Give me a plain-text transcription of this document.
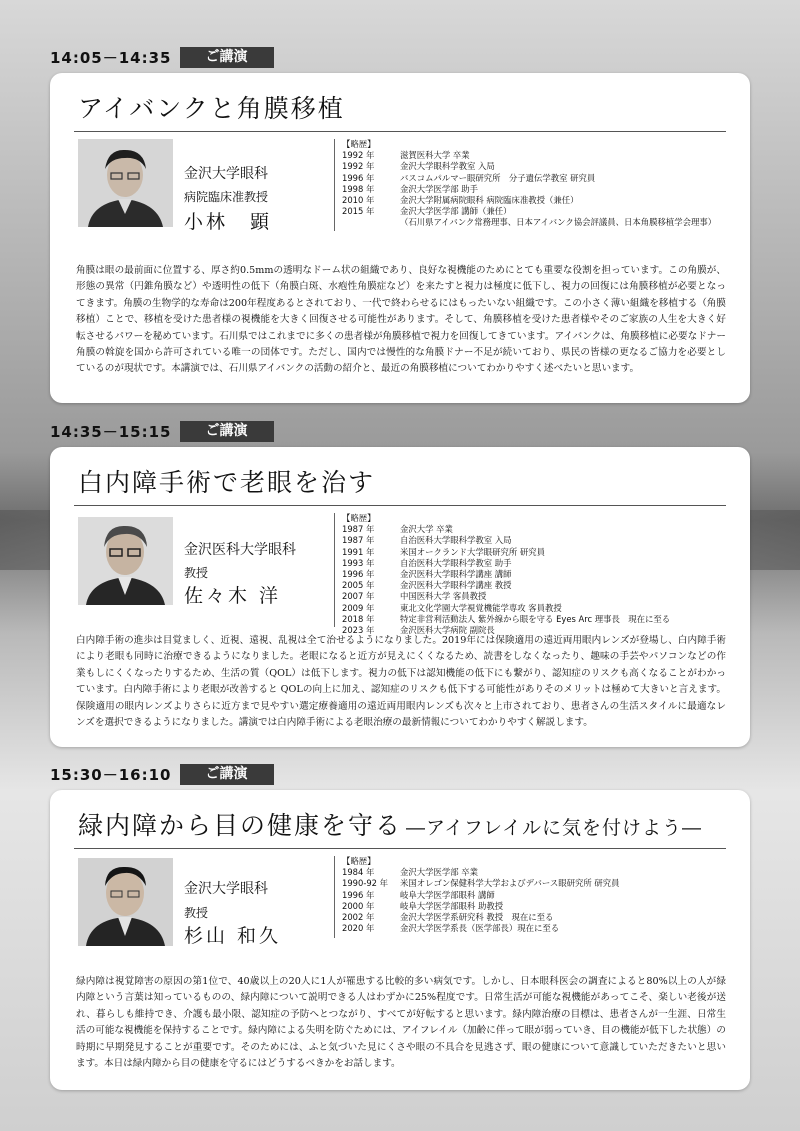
14:05－14:35	ご講演
アイバンクと角膜移植
金沢大学眼科
病院臨床准教授
小林　顕
【略歴】
1992 年	滋賀医科大学 卒業
1992 年	金沢大学眼科学教室 入局
1996 年	バスコムパルマー眼研究所　分子遺伝学教室 研究員
1998 年	金沢大学医学部 助手
2010 年	金沢大学附属病院眼科 病院臨床准教授（兼任）
2015 年	金沢大学医学部 講師（兼任）
（石川県アイバンク常務理事、日本アイバンク協会評議員、日本角膜移植学会理事）
角膜は眼の最前面に位置する、厚さ約0.5mmの透明なドーム状の組織であり、良好な視機能のためにとても重要な役割を担っています。この角膜が、形態の異常（円錐角膜など）や透明性の低下（角膜白斑、水疱性角膜症など）を来たすと視力は極度に低下し、視力の回復には角膜移植が必要となってきます。角膜の生物学的な寿命は200年程度あるとされており、一代で終わらせるにはもったいない組織です。この小さく薄い組織を移植する（角膜移植）ことで、移植を受けた患者様の視機能を大きく回復させる可能性があります。そして、角膜移植を受けた患者様やそのご家族の人生を大きく好転させるパワーを秘めています。石川県ではこれまでに多くの患者様が角膜移植で視力を回復してきています。アイバンクは、角膜移植に必要なドナー角膜の斡旋を国から許可されている唯一の団体です。ただし、国内では慢性的な角膜ドナー不足が続いており、県民の皆様の更なるご協力を必要としているのが現状です。本講演では、石川県アイバンクの活動の紹介と、最近の角膜移植についてわかりやすく述べたいと思います。
14:35－15:15	ご講演
白内障手術で老眼を治す
金沢医科大学眼科
教授
佐々木 洋
【略歴】
1987 年	金沢大学 卒業
1987 年	自治医科大学眼科学教室 入局
1991 年	米国オークランド大学眼研究所 研究員
1993 年	自治医科大学眼科学教室 助手
1996 年	金沢医科大学眼科学講座 講師
2005 年	金沢医科大学眼科学講座 教授
2007 年	中国医科大学 客員教授
2009 年	東北文化学園大学視覚機能学専攻 客員教授
2018 年	特定非営利活動法人 紫外線から眼を守る Eyes Arc 理事長　現在に至る
2023 年	金沢医科大学病院 副院長
白内障手術の進歩は目覚ましく、近視、遠視、乱視は全て治せるようになりました。2019年には保険適用の遠近両用眼内レンズが登場し、白内障手術により老眼も同時に治療できるようになりました。老眼になると近方が見えにくくなるため、読書をしなくなったり、趣味の手芸やパソコンなどの作業もしにくくなったりするため、生活の質（QOL）は低下します。視力の低下は認知機能の低下にも繋がり、認知症のリスクも高くなることがわかっています。白内障手術により老眼が改善すると QOLの向上に加え、認知症のリスクも低下する可能性がありそのメリットは極めて大きいと言えます。保険適用の眼内レンズよりさらに近方まで見やすい選定療養適用の遠近両用眼内レンズも次々と上市されており、患者さんの生活スタイルに最適なレンズを選択できるようになりました。講演では白内障手術による老眼治療の最新情報についてわかりやすく解説します。
15:30－16:10	ご講演
緑内障から目の健康を守る ―アイフレイルに気を付けよう―
金沢大学眼科
教授
杉山 和久
【略歴】
1984 年	金沢大学医学部 卒業
1990-92 年	米国オレゴン保健科学大学およびデバース眼研究所 研究員
1996 年	岐阜大学医学部眼科 講師
2000 年	岐阜大学医学部眼科 助教授
2002 年	金沢大学医学系研究科 教授　現在に至る
2020 年	金沢大学医学系長（医学部長）現在に至る
緑内障は視覚障害の原因の第1位で、40歳以上の20人に1人が罹患する比較的多い病気です。しかし、日本眼科医会の調査によると80%以上の人が緑内障という言葉は知っているものの、緑内障について説明できる人はわずかに25%程度です。日常生活が可能な視機能があってこそ、楽しい老後が送れ、暮らしも維持でき、介護も最小限、認知症の予防へとつながり、すべてが好転すると思います。緑内障治療の目標は、患者さんが一生涯、日常生活の可能な視機能を保持することです。緑内障による失明を防ぐためには、アイフレイル（加齢に伴って眼が弱っていき、目の機能が低下した状態）の時期に早期発見することが重要です。そのためには、ふと気づいた見にくさや眼の不具合を見逃さず、眼の健康について意識していただきたいと思います。本日は緑内障から目の健康を守るにはどうするべきかをお話します。
